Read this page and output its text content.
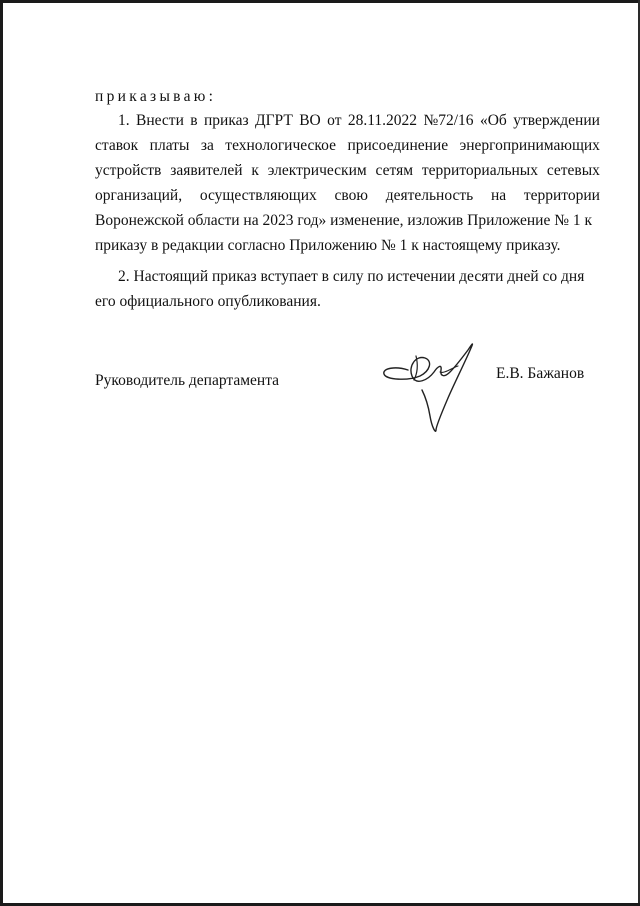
приказываю:
1. Внести в приказ ДГРТ ВО от 28.11.2022 №72/16 «Об утверждении
ставок платы за технологическое присоединение энергопринимающих
устройств заявителей к электрическим сетям территориальных сетевых
организаций, осуществляющих свою деятельность на территории
Воронежской области на 2023 год» изменение, изложив Приложение № 1 к
приказу в редакции согласно Приложению № 1 к настоящему приказу.
2. Настоящий приказ вступает в силу по истечении десяти дней со дня
его официального опубликования.
Руководитель департамента	Е.В. Бажанов
